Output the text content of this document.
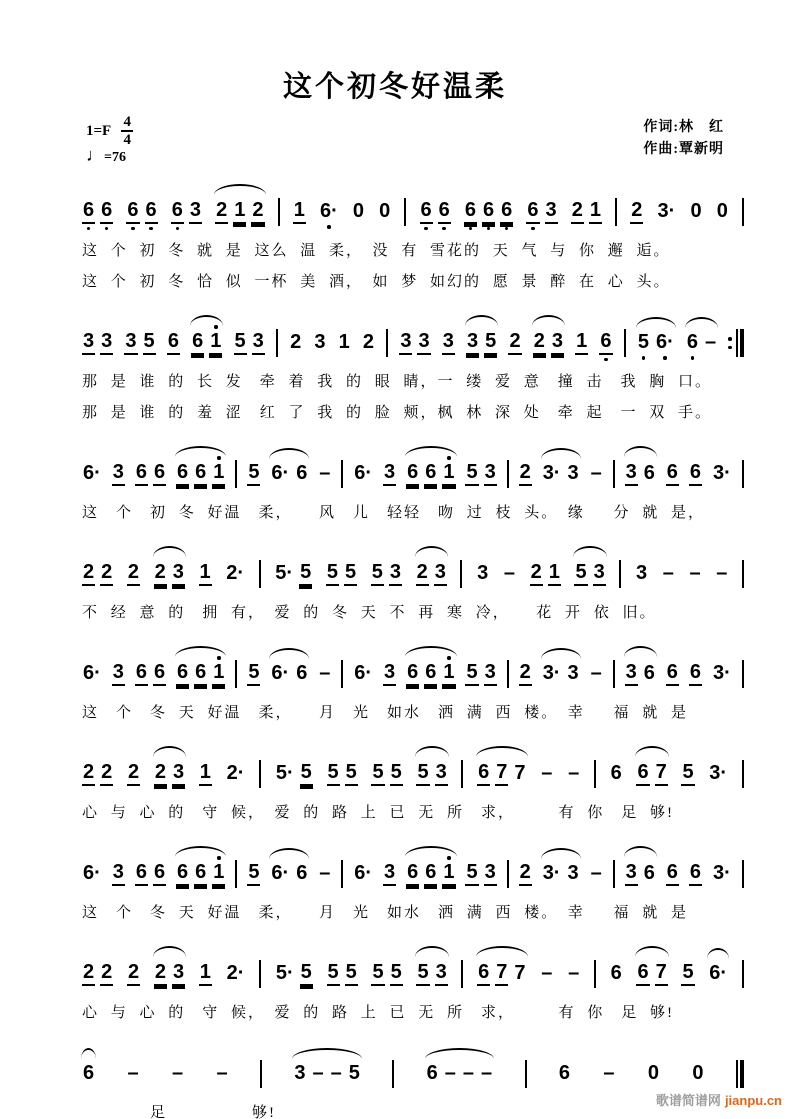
这个初冬好温柔
$1=F \frac{4}{4}$
♩=76
作词:林　红
作曲:覃新明
6 6 6 6 6 3 2 1 2 1 6· 0 0 6 6 6 6 6 6 3 2 1 2 3· 0 0
这 个 初 冬 就 是 这么 温 柔，　没 有 雪花的 天 气 与 你 邂 逅。
这 个 初 冬 恰 似 一杯 美 酒，　如 梦 如幻的 愿 景 醉 在 心 头。
3 3 3 5 6 6 1 5 3 2 3 1 2 3 3 3 3 5 2 2 3 1 6 5 6· 6 –
那 是 谁 的 长 发　牵 着 我 的 眼 睛，一 缕 爱 意　撞 击　我 胸 口。
那 是 谁 的 羞 涩　红 了 我 的 脸 颊，枫 林 深 处　牵 起　一 双 手。
6· 3 6 6 6 6 1 5 6· 6 – 6· 3 6 6 1 5 3 2 3· 3 – 3 6 6 6 3·
这　个　初 冬 好温　柔，　　风　儿　轻轻　吻 过 枝 头。　缘　 分 就 是，
2 2 2 2 3 1 2· 5· 5 5 5 5 3 2 3 3 – 2 1 5 3 3 – – –
不 经 意 的　拥 有，　爱 的 冬 天 不 再 寒 冷，　　花 开 依 旧。
6· 3 6 6 6 6 1 5 6· 6 – 6· 3 6 6 1 5 3 2 3· 3 – 3 6 6 6 3·
这　个　冬 天 好温　柔，　　月　光　如水　洒 满 西 楼。　幸　 福 就 是
2 2 2 2 3 1 2· 5· 5 5 5 5 5 5 3 6 7 7 – – 6 6 7 5 3·
心 与 心 的　守 候，　爱 的 路 上 已 无 所　求，　　　有 你　足 够!
6· 3 6 6 6 6 1 5 6· 6 – 6· 3 6 6 1 5 3 2 3· 3 – 3 6 6 6 3·
这　个　冬 天 好温　柔，　　月　光　如水　洒 满 西 楼。　幸　 福 就 是
2 2 2 2 3 1 2· 5· 5 5 5 5 5 5 3 6 7 7 – – 6 6 7 5 6·
心 与 心 的　守 候，　爱 的 路 上 已 无 所　求，　　　有 你　足 够!
6 – – –	3 – – 5	6 – – –	6 – 0 0
　　　　足　　　　　够!
歌谱简谱网 jianpu.cn
